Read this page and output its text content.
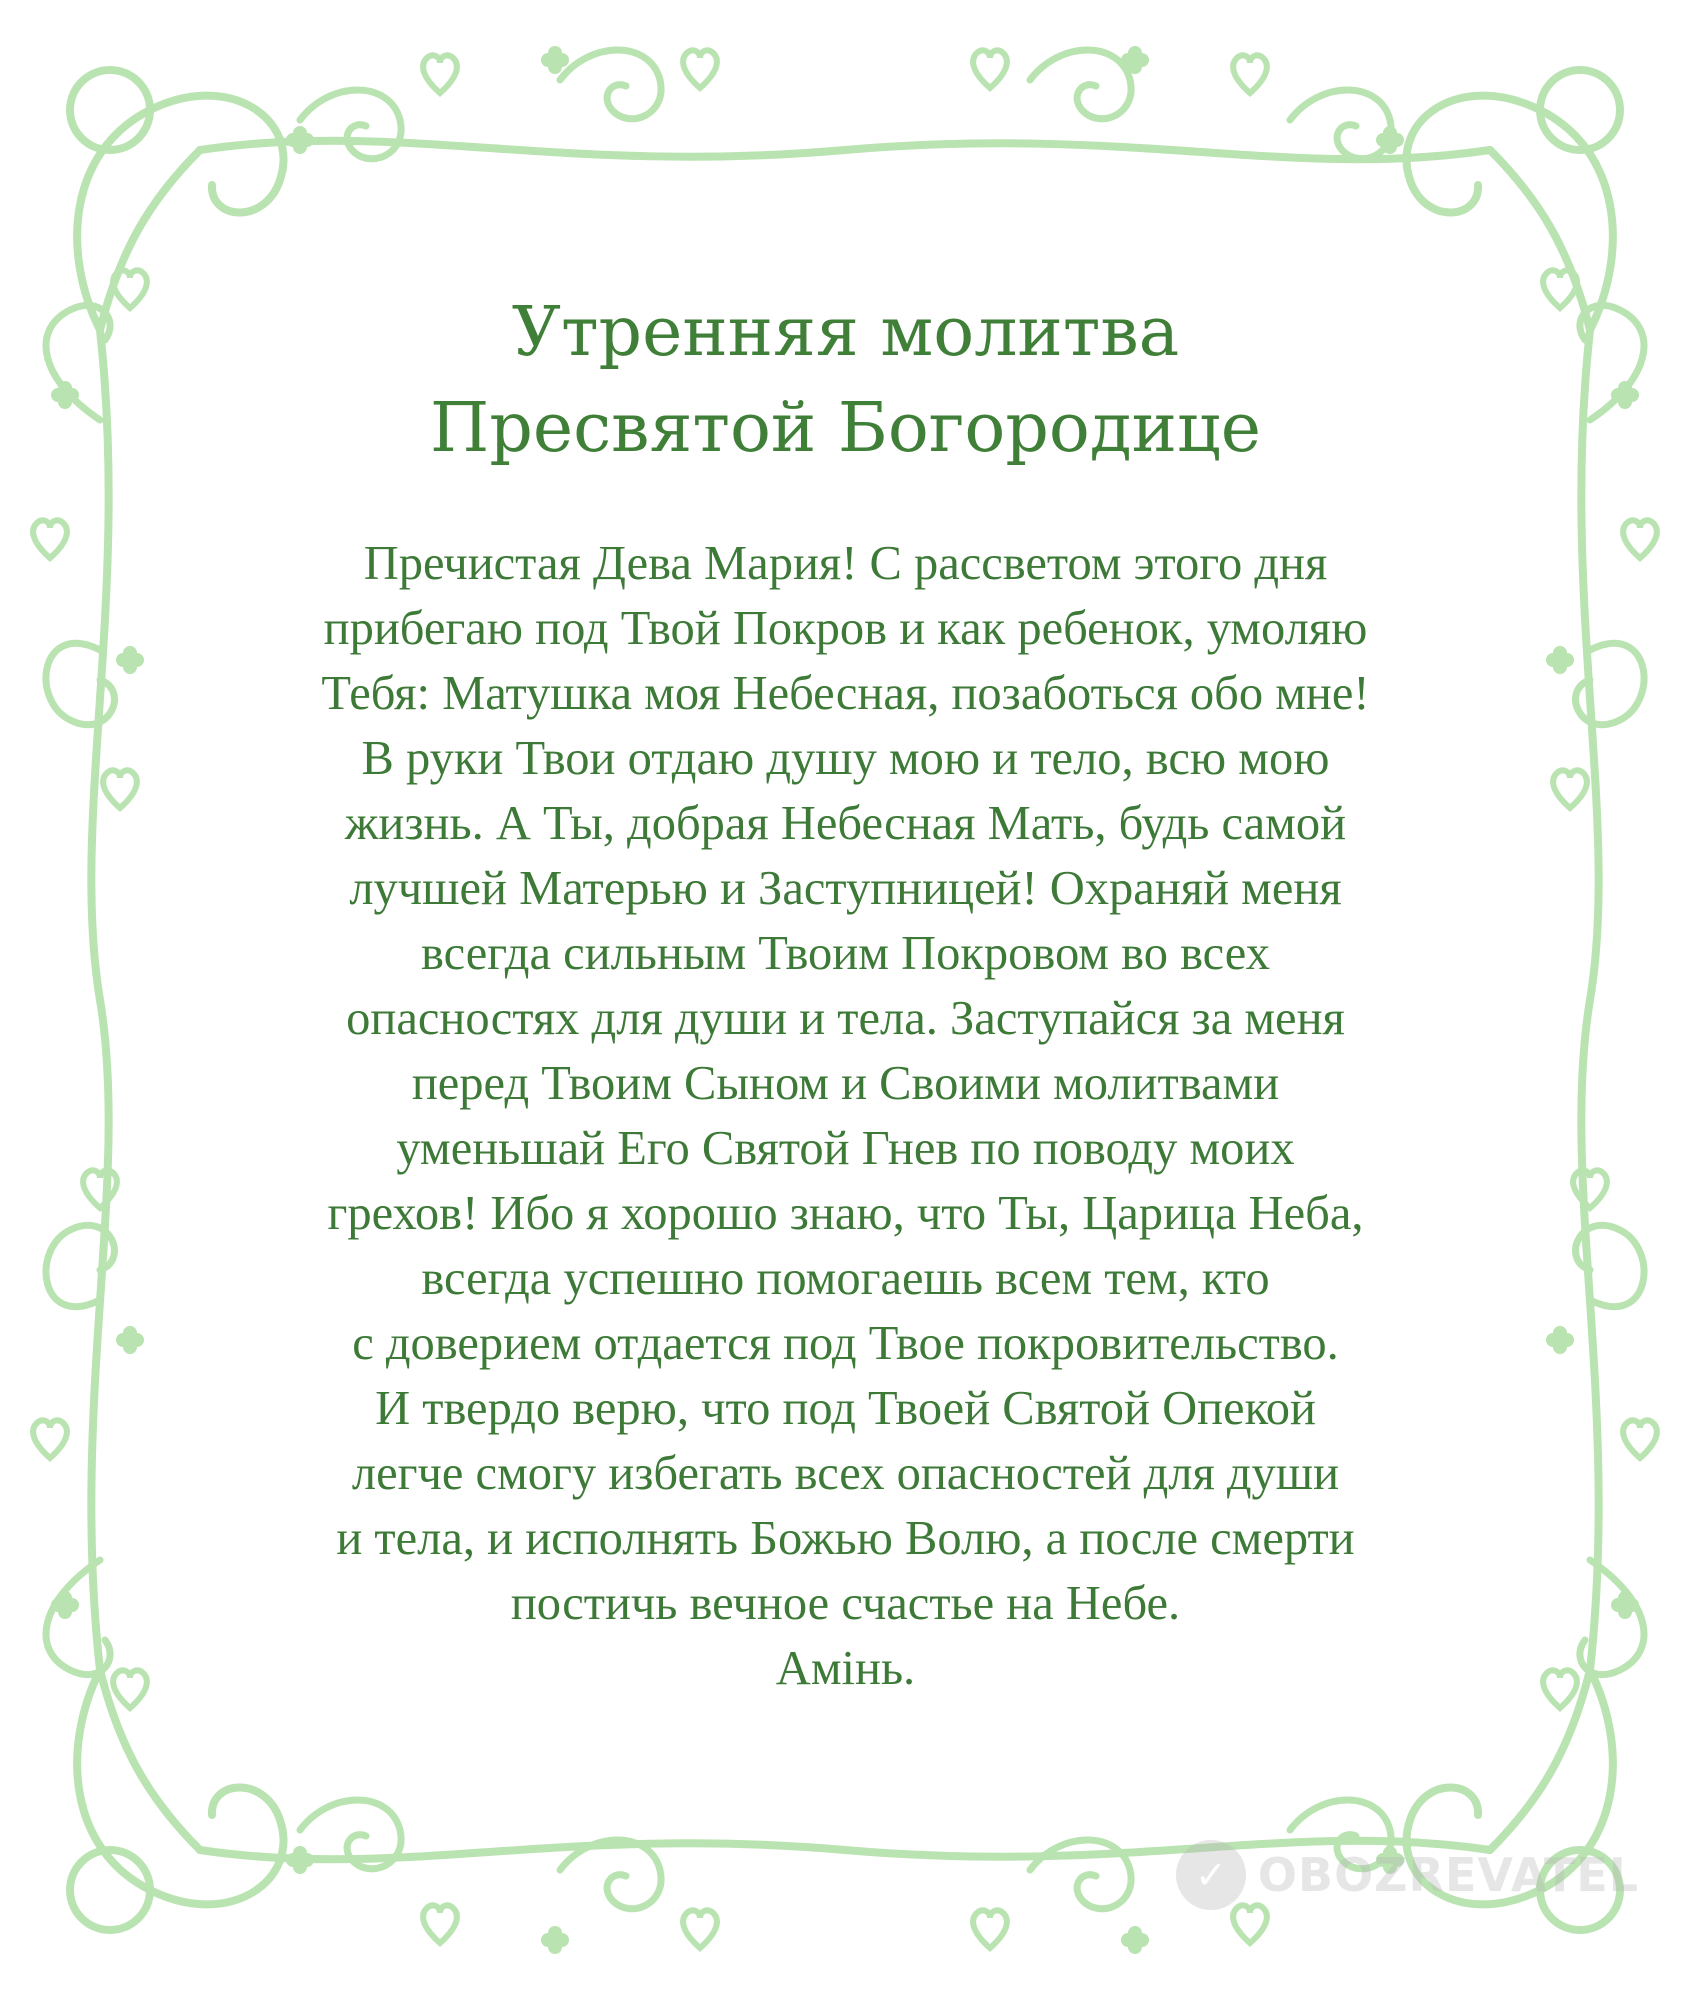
Утренняя молитва
Пресвятой Богородице
Пречистая Дева Мария! С рассветом этого дня
прибегаю под Твой Покров и как ребенок, умоляю
Тебя: Матушка моя Небесная, позаботься обо мне!
В руки Твои отдаю душу мою и тело, всю мою
жизнь. А Ты, добрая Небесная Мать, будь самой
лучшей Матерью и Заступницей! Охраняй меня
всегда сильным Твоим Покровом во всех
опасностях для души и тела. Заступайся за меня
перед Твоим Сыном и Своими молитвами
уменьшай Его Святой Гнев по поводу моих
грехов! Ибо я хорошо знаю, что Ты, Царица Неба,
всегда успешно помогаешь всем тем, кто
с доверием отдается под Твое покровительство.
И твердо верю, что под Твоей Святой Опекой
легче смогу избегать всех опасностей для души
и тела, и исполнять Божью Волю, а после смерти
постичь вечное счастье на Небе.
Амінь.
✓ OBOZREVATEL
